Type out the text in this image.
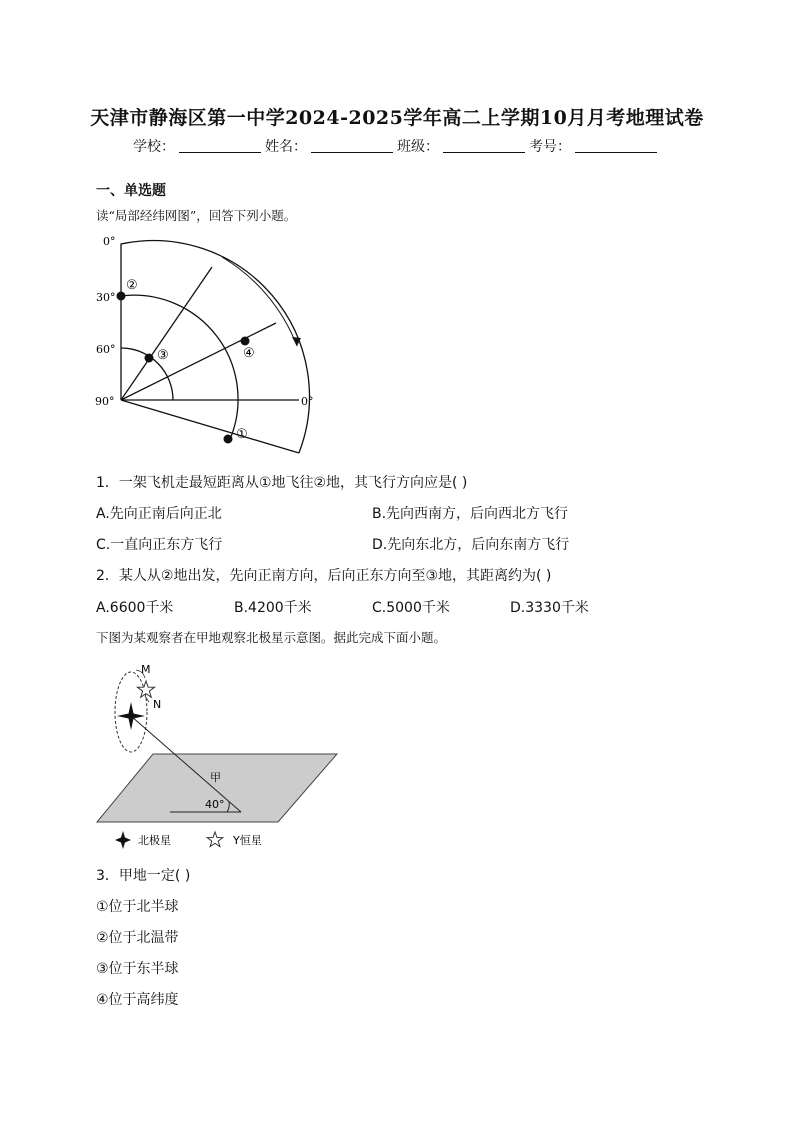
天津市静海区第一中学2024-2025学年高二上学期10月月考地理试卷
学校：	姓名：	班级：	考号：
一、单选题
读“局部经纬网图”，回答下列小题。
0°
30°
60°
90°	0°
②
③	④
①
1．一架飞机走最短距离从①地飞往②地，其飞行方向应是( )
A.先向正南后向正北	B.先向西南方，后向西北方飞行
C.一直向正东方飞行	D.先向东北方，后向东南方飞行
2．某人从②地出发，先向正南方向，后向正东方向至③地，其距离约为( )
A.6600千米	B.4200千米	C.5000千米	D.3330千米
下图为某观察者在甲地观察北极星示意图。据此完成下面小题。
M
N
甲
40°
北极星	Y恒星
3．甲地一定( )
①位于北半球
②位于北温带
③位于东半球
④位于高纬度
